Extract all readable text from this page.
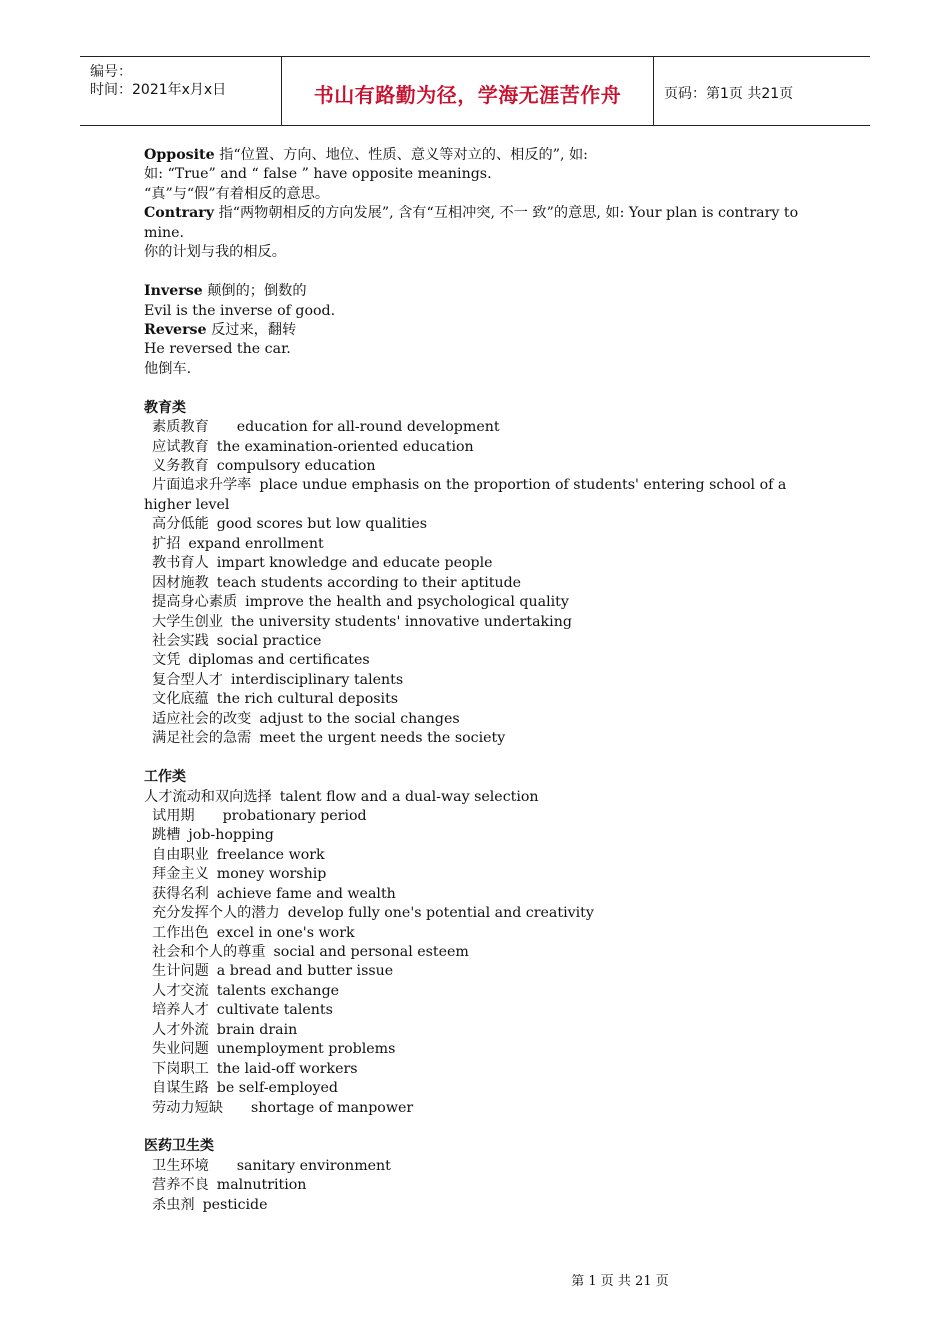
编号：
时间：2021年x月x日	书山有路勤为径，学海无涯苦作舟	页码：第1页 共21页
Opposite 指“位置、方向、地位、性质、意义等对立的、相反的”, 如:
如: “True” and “ false ” have opposite meanings.
“真”与“假”有着相反的意思。
Contrary 指“两物朝相反的方向发展”, 含有“互相冲突, 不一 致”的意思, 如: Your plan is contrary to mine.
你的计划与我的相反。
Inverse 颠倒的；倒数的
Evil is the inverse of good.
Reverse 反过来，翻转
He reversed the car.
他倒车.
教育类
素质教育 education for all-round development
应试教育 the examination-oriented education
义务教育 compulsory education
片面追求升学率 place undue emphasis on the proportion of students' entering school of a higher level
高分低能 good scores but low qualities
扩招 expand enrollment
教书育人 impart knowledge and educate people
因材施教 teach students according to their aptitude
提高身心素质 improve the health and psychological quality
大学生创业 the university students' innovative undertaking
社会实践 social practice
文凭 diplomas and certificates
复合型人才 interdisciplinary talents
文化底蕴 the rich cultural deposits
适应社会的改变 adjust to the social changes
满足社会的急需 meet the urgent needs the society
工作类
人才流动和双向选择 talent flow and a dual-way selection
试用期 probationary period
跳槽 job-hopping
自由职业 freelance work
拜金主义 money worship
获得名利 achieve fame and wealth
充分发挥个人的潜力 develop fully one's potential and creativity
工作出色 excel in one's work
社会和个人的尊重 social and personal esteem
生计问题 a bread and butter issue
人才交流 talents exchange
培养人才 cultivate talents
人才外流 brain drain
失业问题 unemployment problems
下岗职工 the laid-off workers
自谋生路 be self-employed
劳动力短缺 shortage of manpower
医药卫生类
卫生环境 sanitary environment
营养不良 malnutrition
杀虫剂 pesticide
第 1 页 共 21 页
